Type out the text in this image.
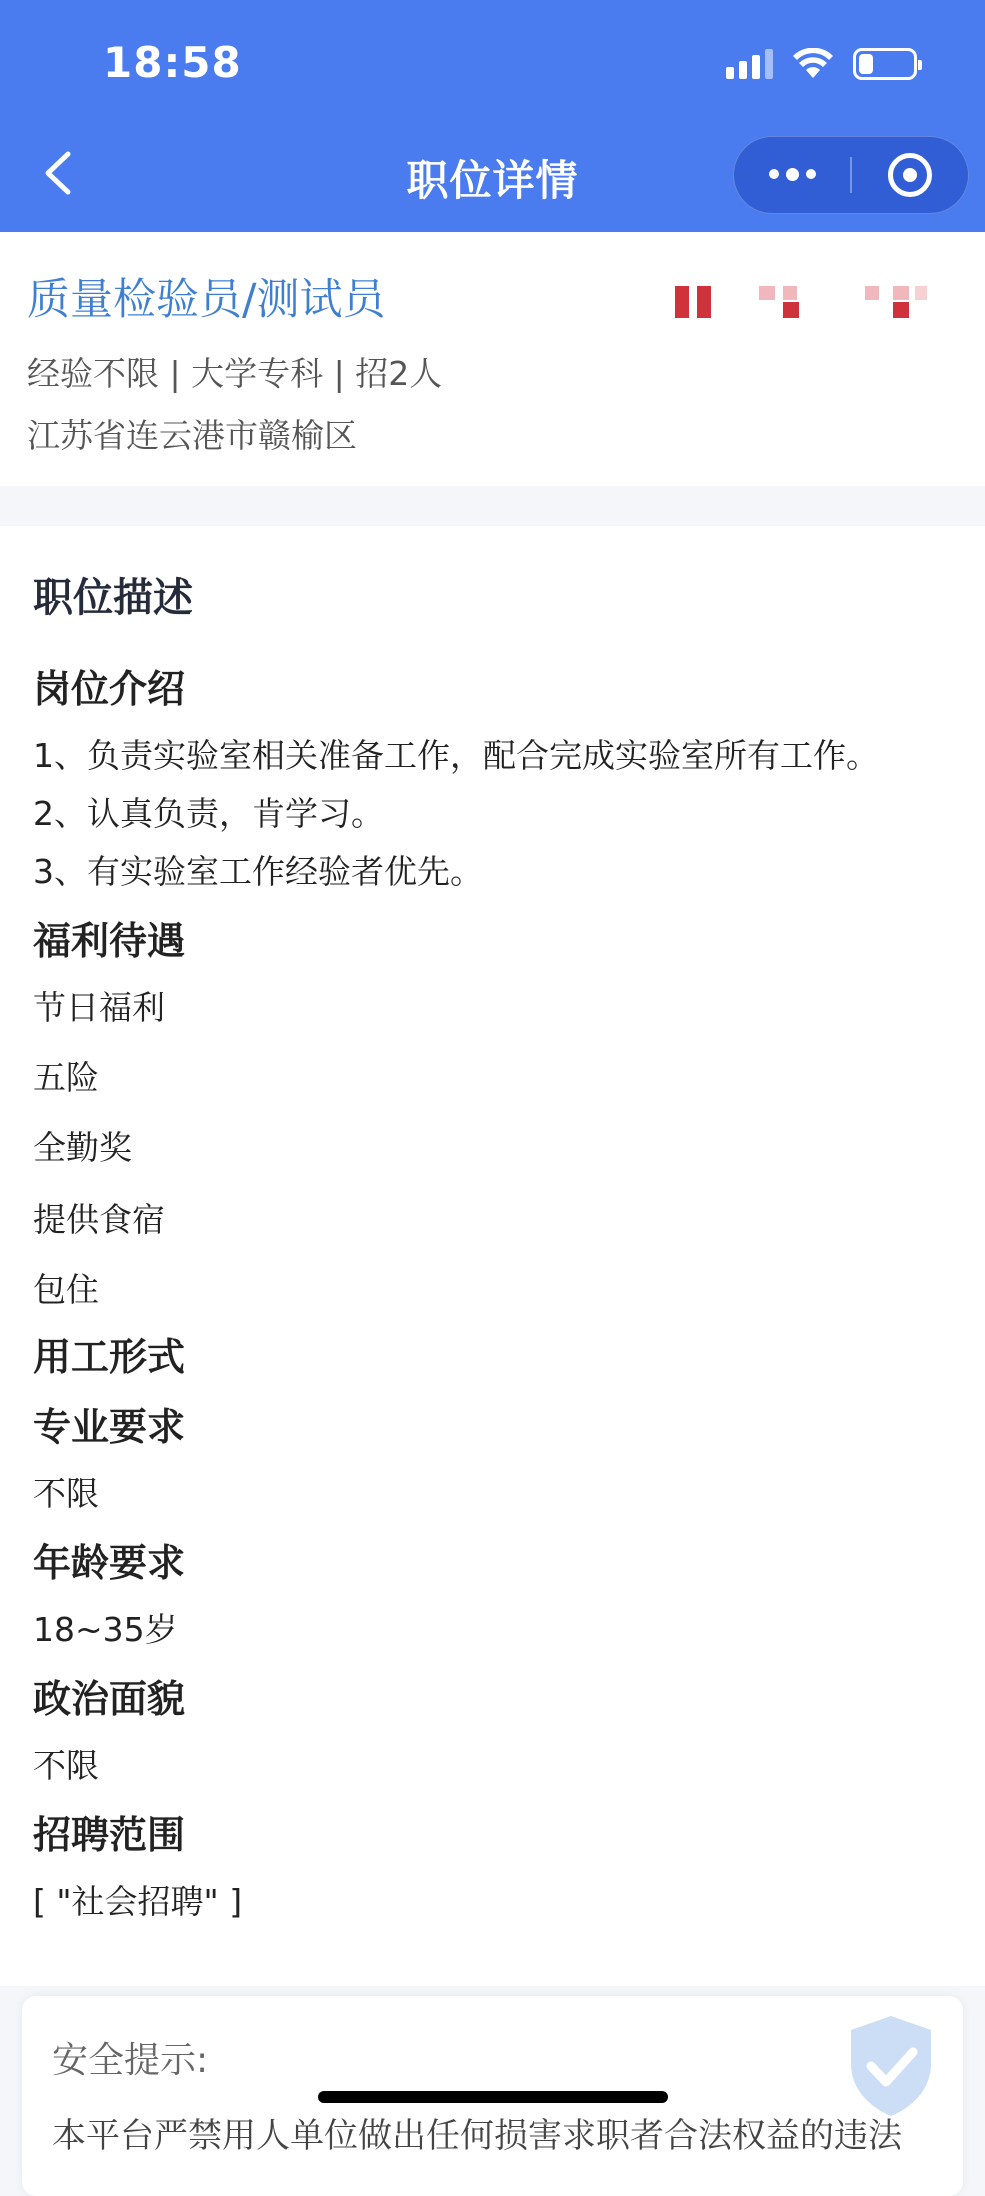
18:58
职位详情
质量检验员/测试员
经验不限 | 大学专科 | 招2人
江苏省连云港市赣榆区
职位描述
岗位介绍
1、负责实验室相关准备工作，配合完成实验室所有工作。
2、认真负责，肯学习。
3、有实验室工作经验者优先。
福利待遇
节日福利
五险
全勤奖
提供食宿
包住
用工形式
专业要求
不限
年龄要求
18~35岁
政治面貌
不限
招聘范围
[ "社会招聘" ]
安全提示:
本平台严禁用人单位做出任何损害求职者合法权益的违法
